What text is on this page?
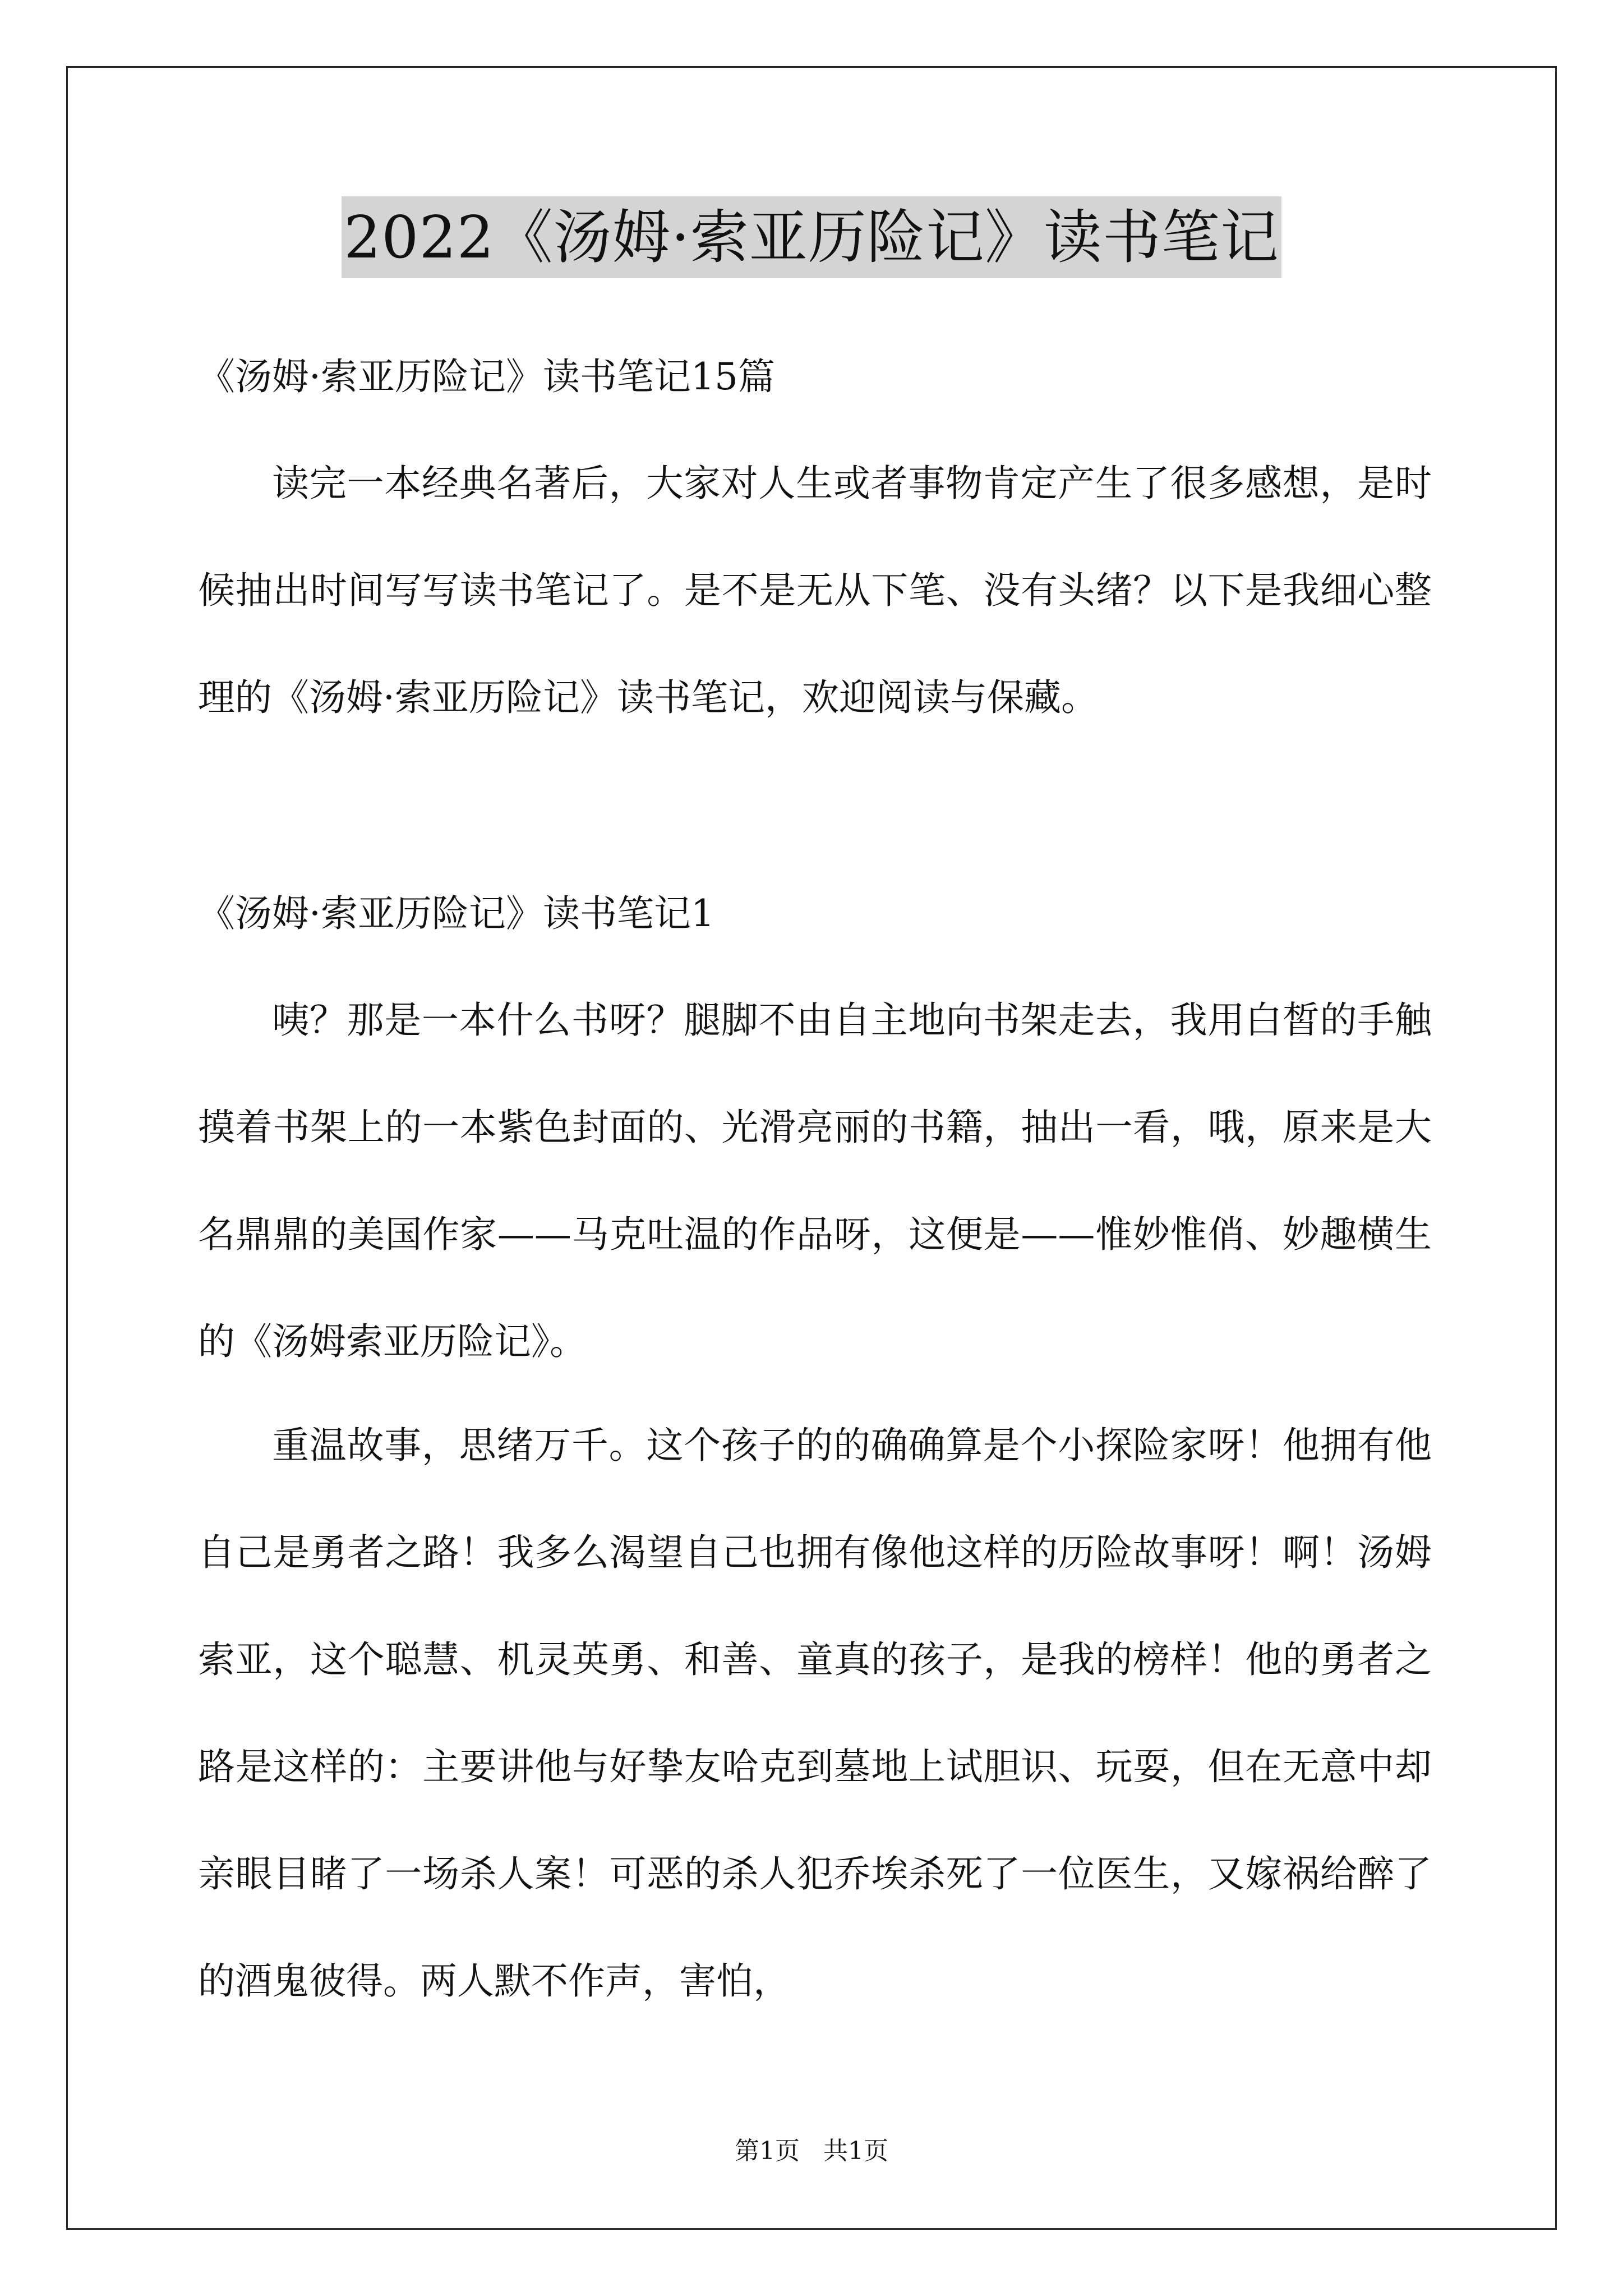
2022《汤姆·索亚历险记》读书笔记
《汤姆·索亚历险记》读书笔记15篇
读完一本经典名著后，大家对人生或者事物肯定产生了很多感想，是时候抽出时间写写读书笔记了。是不是无从下笔、没有头绪？以下是我细心整理的《汤姆·索亚历险记》读书笔记，欢迎阅读与保藏。
《汤姆·索亚历险记》读书笔记1
咦？那是一本什么书呀？腿脚不由自主地向书架走去，我用白皙的手触摸着书架上的一本紫色封面的、光滑亮丽的书籍，抽出一看，哦，原来是大名鼎鼎的美国作家——马克吐温的作品呀，这便是——惟妙惟俏、妙趣横生的《汤姆索亚历险记》。
重温故事，思绪万千。这个孩子的的确确算是个小探险家呀！他拥有他自己是勇者之路！我多么渴望自己也拥有像他这样的历险故事呀！啊！汤姆索亚，这个聪慧、机灵英勇、和善、童真的孩子，是我的榜样！他的勇者之路是这样的：主要讲他与好挚友哈克到墓地上试胆识、玩耍，但在无意中却亲眼目睹了一场杀人案！可恶的杀人犯乔埃杀死了一位医生，又嫁祸给醉了的酒鬼彼得。两人默不作声，害怕，
第1页   共1页
